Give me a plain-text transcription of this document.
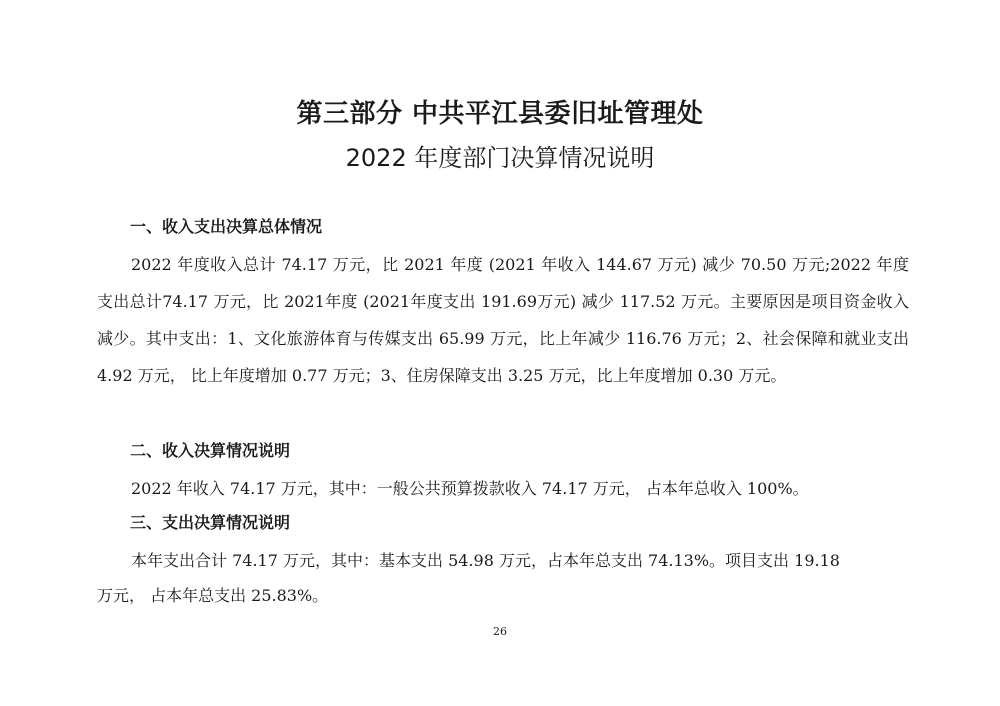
第三部分 中共平江县委旧址管理处
2022 年度部门决算情况说明
一、收入支出决算总体情况
2022 年度收入总计 74.17 万元，比 2021 年度 (2021 年收入 144.67 万元) 减少 70.50 万元;2022 年度支出总计74.17 万元，比 2021年度 (2021年度支出 191.69万元) 减少 117.52 万元。主要原因是项目资金收入减少。其中支出：1、文化旅游体育与传媒支出 65.99 万元，比上年减少 116.76 万元；2、社会保障和就业支出 4.92 万元， 比上年度增加 0.77 万元；3、住房保障支出 3.25 万元，比上年度增加 0.30 万元。
二、收入决算情况说明
2022 年收入 74.17 万元，其中：一般公共预算拨款收入 74.17 万元， 占本年总收入 100%。
三、支出决算情况说明
本年支出合计 74.17 万元，其中：基本支出 54.98 万元，占本年总支出 74.13%。项目支出 19.18
万元， 占本年总支出 25.83%。
26
